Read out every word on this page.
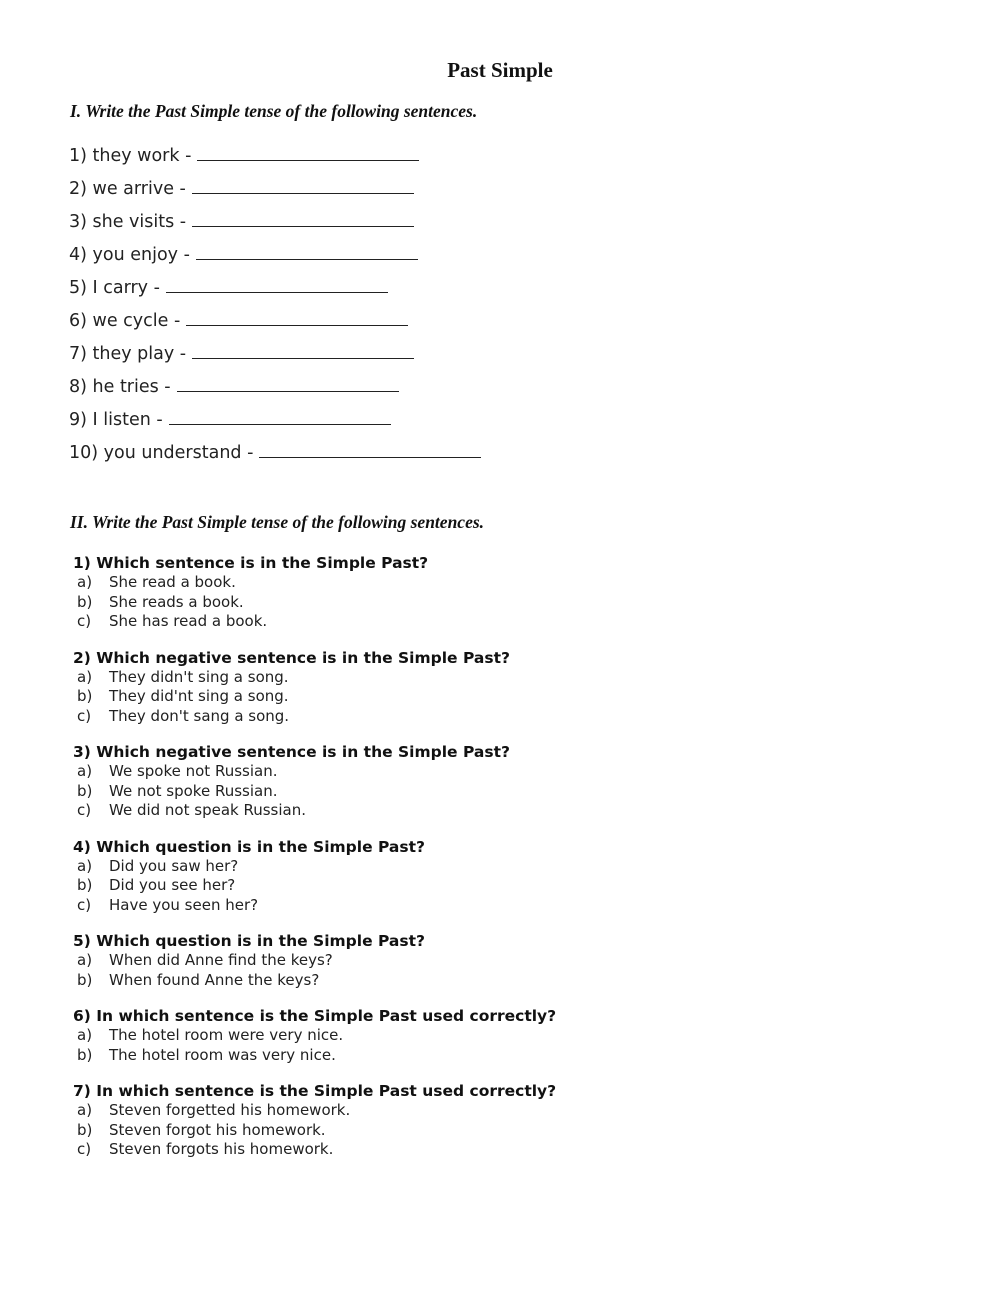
Past Simple
I. Write the Past Simple tense of the following sentences.
1) they work -
2) we arrive -
3) she visits -
4) you enjoy -
5) I carry -
6) we cycle -
7) they play -
8) he tries -
9) I listen -
10) you understand -
II. Write the Past Simple tense of the following sentences.
1) Which sentence is in the Simple Past?
a) She read a book.
b) She reads a book.
c) She has read a book.
2) Which negative sentence is in the Simple Past?
a) They didn't sing a song.
b) They did'nt sing a song.
c) They don't sang a song.
3) Which negative sentence is in the Simple Past?
a) We spoke not Russian.
b) We not spoke Russian.
c) We did not speak Russian.
4) Which question is in the Simple Past?
a) Did you saw her?
b) Did you see her?
c) Have you seen her?
5) Which question is in the Simple Past?
a) When did Anne find the keys?
b) When found Anne the keys?
6) In which sentence is the Simple Past used correctly?
a) The hotel room were very nice.
b) The hotel room was very nice.
7) In which sentence is the Simple Past used correctly?
a) Steven forgetted his homework.
b) Steven forgot his homework.
c) Steven forgots his homework.
